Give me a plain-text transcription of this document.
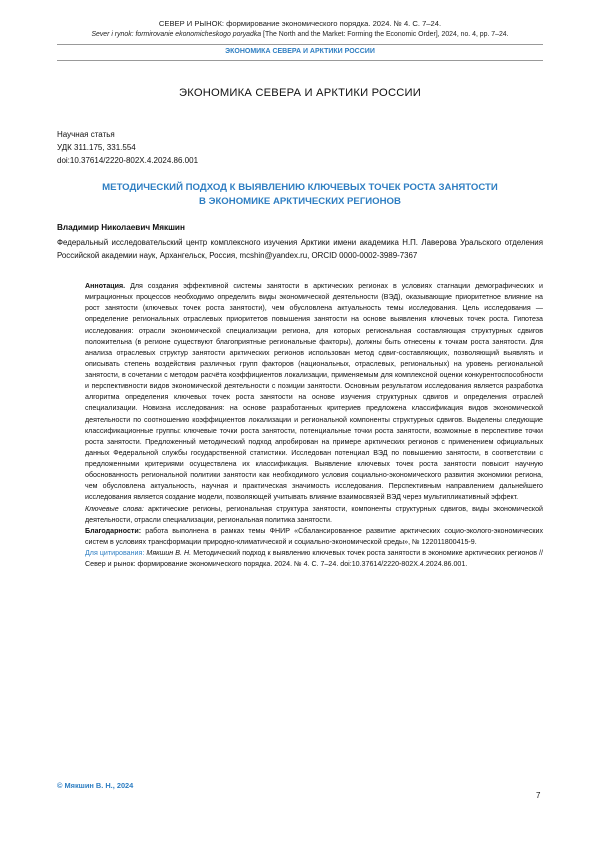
СЕВЕР И РЫНОК: формирование экономического порядка. 2024. № 4. С. 7–24.
Sever i rynok: formirovanie ekonomicheskogo poryadka [The North and the Market: Forming the Economic Order], 2024, no. 4, pp. 7–24.
ЭКОНОМИКА СЕВЕРА И АРКТИКИ РОССИИ
ЭКОНОМИКА СЕВЕРА И АРКТИКИ РОССИИ
Научная статья
УДК 311.175, 331.554
doi:10.37614/2220-802X.4.2024.86.001
МЕТОДИЧЕСКИЙ ПОДХОД К ВЫЯВЛЕНИЮ КЛЮЧЕВЫХ ТОЧЕК РОСТА ЗАНЯТОСТИ
В ЭКОНОМИКЕ АРКТИЧЕСКИХ РЕГИОНОВ
Владимир Николаевич Мякшин
Федеральный исследовательский центр комплексного изучения Арктики имени академика Н.П. Лаверова Уральского отделения Российской академии наук, Архангельск, Россия, mcshin@yandex.ru, ORCID 0000-0002-3989-7367

Аннотация. Для создания эффективной системы занятости в арктических регионах в условиях стагнации демографических и миграционных процессов необходимо определить виды экономической деятельности (ВЭД), оказывающие приоритетное влияние на рост занятости (ключевых точек роста занятости), чем обусловлена актуальность темы исследования. Цель исследования — определение региональных отраслевых приоритетов повышения занятости на основе выявления ключевых точек роста. Гипотеза исследования: отрасли экономической специализации региона, для которых региональная составляющая структурных сдвигов положительна (в регионе существуют благоприятные региональные факторы), должны быть отнесены к точкам роста занятости. Для анализа отраслевых структур занятости арктических регионов использован метод сдвиг-составляющих, позволяющий выявлять и описывать степень воздействия различных групп факторов (национальных, отраслевых, региональных) на уровень региональной занятости, в сочетании с методом расчёта коэффициентов локализации, применяемым для комплексной оценки конкурентоспособности и перспективности видов экономической деятельности с позиции занятости. Основным результатом исследования является разработка алгоритма определения ключевых точек роста занятости на основе изучения структурных сдвигов и определения отраслей специализации. Новизна исследования: на основе разработанных критериев предложена классификация видов экономической деятельности по соотношению коэффициентов локализации и региональной компоненты структурных сдвигов. Выделены следующие классификационные группы: ключевые точки роста занятости, потенциальные точки роста занятости, возможные в перспективе точки роста занятости. Предложенный методический подход апробирован на примере арктических регионов с применением официальных данных Федеральной службы государственной статистики. Исследован потенциал ВЭД по повышению занятости, в соответствии с предложенными критериями осуществлена их классификация. Выявление ключевых точек роста занятости повысит научную обоснованность региональной политики занятости как необходимого условия социально-экономического развития экономики региона, чем обусловлена актуальность, научная и практическая значимость исследования. Перспективным направлением дальнейшего исследования является создание модели, позволяющей учитывать влияние взаимосвязей ВЭД через мультипликативный эффект.

Ключевые слова: арктические регионы, региональная структура занятости, компоненты структурных сдвигов, виды экономической деятельности, отрасли специализации, региональная политика занятости.

Благодарности: работа выполнена в рамках темы ФНИР «Сбалансированное развитие арктических социо-эколого-экономических систем в условиях трансформации природно-климатической и социально-экономической среды», № 122011800415-9.

Для цитирования: Мякшин В. Н. Методический подход к выявлению ключевых точек роста занятости в экономике арктических регионов // Север и рынок: формирование экономического порядка. 2024. № 4. С. 7–24. doi:10.37614/2220-802X.4.2024.86.001.

© Мякшин В. Н., 2024
7
